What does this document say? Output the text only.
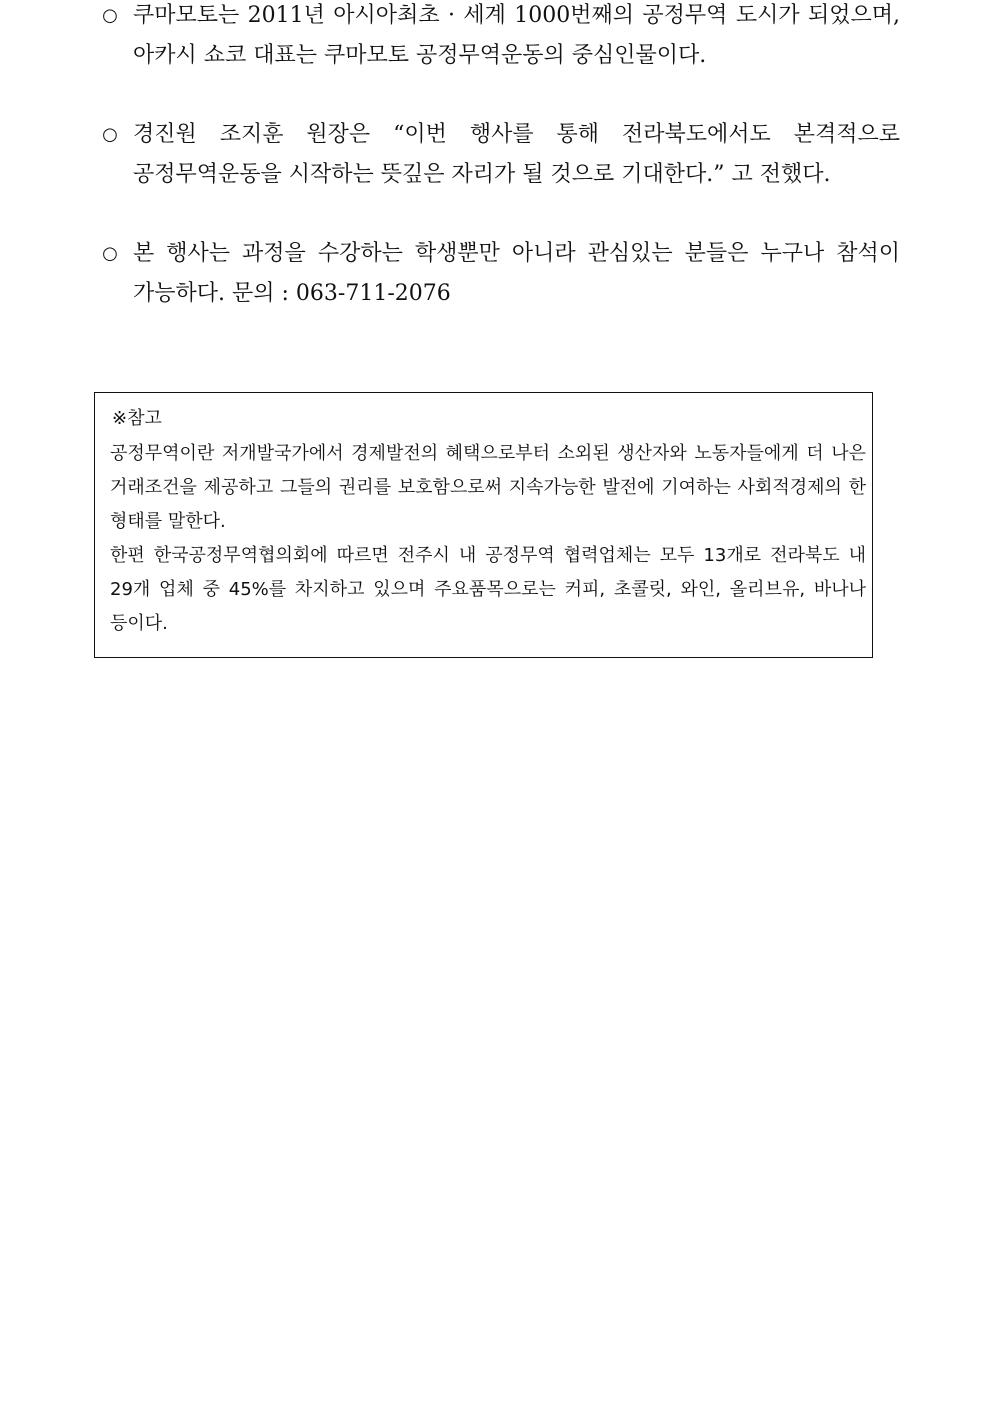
○ 쿠마모토는 2011년 아시아최초 · 세계 1000번째의 공정무역 도시가 되었으며, 아카시 쇼코 대표는 쿠마모토 공정무역운동의 중심인물이다.
○ 경진원 조지훈 원장은 “이번 행사를 통해 전라북도에서도 본격적으로 공정무역운동을 시작하는 뜻깊은 자리가 될 것으로 기대한다.” 고 전했다.
○ 본 행사는 과정을 수강하는 학생뿐만 아니라 관심있는 분들은 누구나 참석이 가능하다. 문의 : 063-711-2076
※참고

공정무역이란 저개발국가에서 경제발전의 혜택으로부터 소외된 생산자와 노동자들에게 더 나은 거래조건을 제공하고 그들의 권리를 보호함으로써 지속가능한 발전에 기여하는 사회적경제의 한 형태를 말한다.

한편 한국공정무역협의회에 따르면 전주시 내 공정무역 협력업체는 모두 13개로 전라북도 내 29개 업체 중 45%를 차지하고 있으며 주요품목으로는 커피, 초콜릿, 와인, 올리브유, 바나나 등이다.
